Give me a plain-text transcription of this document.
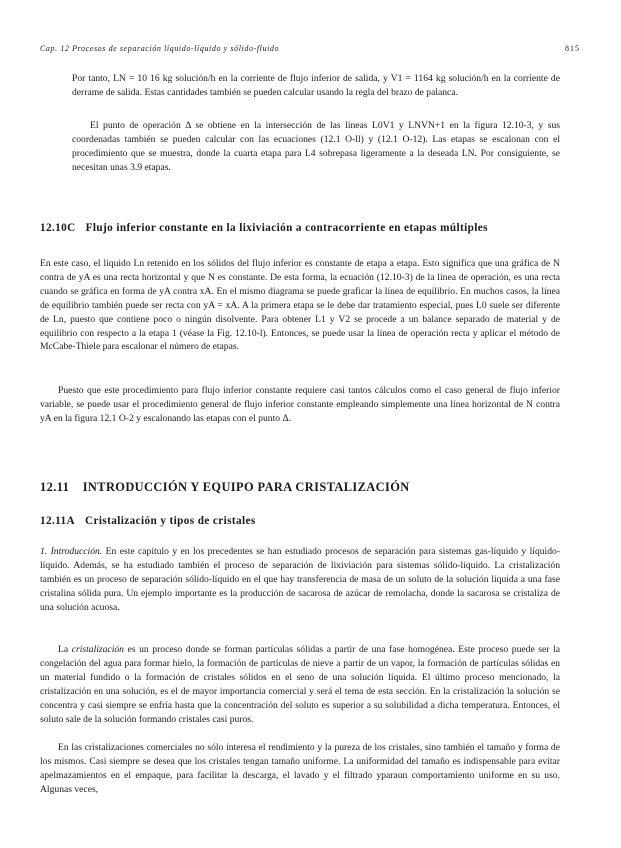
Cap. 12 Procesos de separación líquido-líquido y sólido-fluido	815

Por tanto, LN = 10 16 kg solución/h en la corriente de flujo inferior de salida, y V1 = 1164 kg solución/h en la corriente de derrame de salida. Estas cantidades también se pueden calcular usando la regla del brazo de palanca.

El punto de operación Δ se obtiene en la intersección de las líneas L0V1 y LNVN+1 en la figura 12.10-3, y sus coordenadas también se pueden calcular con las ecuaciones (12.1 O-ll) y (12.1 O-12). Las etapas se escalonan con el procedimiento que se muestra, donde la cuarta etapa para L4 sobrepasa ligeramente a la deseada LN. Por consiguiente, se necesitan unas 3.9 etapas.

12.10C Flujo inferior constante en la lixiviación a contracorriente en etapas múltiples

En este caso, el líquido Ln retenido en los sólidos del flujo inferior es constante de etapa a etapa. Esto significa que una gráfica de N contra de yA es una recta horizontal y que N es constante. De esta forma, la ecuación (12.10-3) de la línea de operación, es una recta cuando se gráfica en forma de yA contra xA. En el mismo diagrama se puede graficar la línea de equilibrio. En muchos casos, la línea de equilibrio también puede ser recta con yA = xA. A la primera etapa se le debe dar tratamiento especial, pues L0 suele ser diferente de Ln, puesto que contiene poco o ningún disolvente. Para obtener L1 y V2 se procede a un balance separado de material y de equilibrio con respecto a la etapa 1 (véase la Fig. 12.10-l). Entonces, se puede usar la línea de operación recta y aplicar el método de McCabe-Thiele para escalonar el número de etapas.

Puesto que este procedimiento para flujo inferior constante requiere casi tantos cálculos como el caso general de flujo inferior variable, se puede usar el procedimiento general de flujo inferior constante empleando simplemente una línea horizontal de N contra yA en la figura 12.1 O-2 y escalonando las etapas con el punto Δ.

12.11 INTRODUCCIÓN Y EQUIPO PARA CRISTALIZACIÓN
12.11A Cristalización y tipos de cristales

1. Introducción. En este capítulo y en los precedentes se han estudiado procesos de separación para sistemas gas-líquido y líquido-líquido. Además, se ha estudiado también el proceso de separación de lixiviación para sistemas sólido-líquido. La cristalización también es un proceso de separación sólido-líquido en el que hay transferencia de masa de un soluto de la solución líquida a una fase cristalina sólida pura. Un ejemplo importante es la producción de sacarosa de azúcar de remolacha, donde la sacarosa se cristaliza de una solución acuosa.

La cristalización es un proceso donde se forman partículas sólidas a partir de una fase homogénea. Este proceso puede ser la congelación del agua para formar hielo, la formación de partículas de nieve a partir de un vapor, la formación de partículas sólidas en un material fundido o la formación de cristales sólidos en el seno de una solución líquida. El último proceso mencionado, la cristalización en una solución, es el de mayor importancia comercial y será el tema de esta sección. En la cristalización la solución se concentra y casi siempre se enfría hasta que la concentración del soluto es superior a su solubilidad a dicha temperatura. Entonces, el soluto sale de la solución formando cristales casi puros.

En las cristalizaciones comerciales no sólo interesa el rendimiento y la pureza de los cristales, sino también el tamaño y forma de los mismos. Casi siempre se desea que los cristales tengan tamaño uniforme. La uniformidad del tamaño es indispensable para evitar apelmazamientos en el empaque, para facilitar la descarga, el lavado y el filtrado yparaun comportamiento uniforme en su uso. Algunas veces,
